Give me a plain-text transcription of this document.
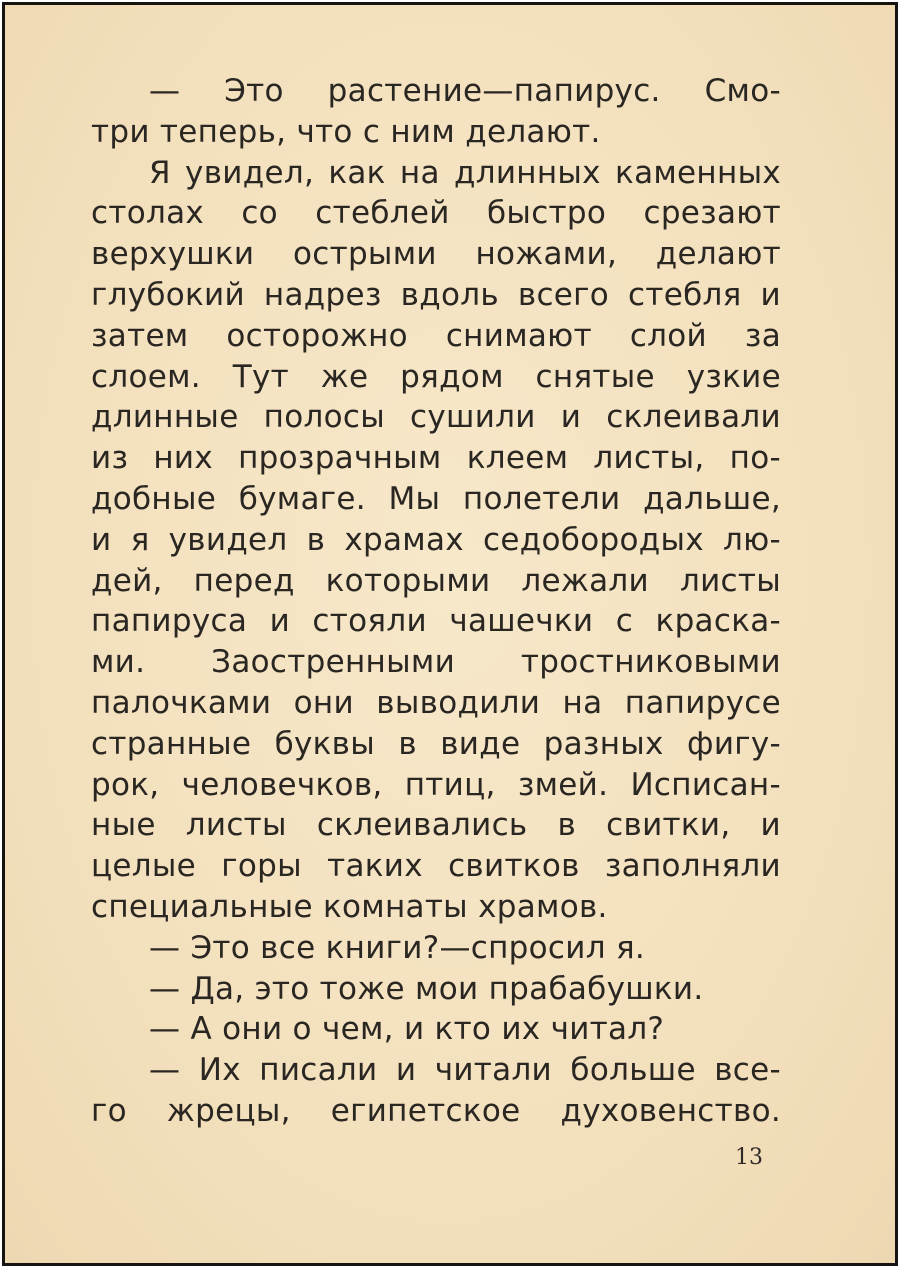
— Это растение—папирус. Смо-
три теперь, что с ним делают.
Я увидел, как на длинных каменных
столах со стеблей быстро срезают
верхушки острыми ножами, делают
глубокий надрез вдоль всего стебля и
затем осторожно снимают слой за
слоем. Тут же рядом снятые узкие
длинные полосы сушили и склеивали
из них прозрачным клеем листы, по-
добные бумаге. Мы полетели дальше,
и я увидел в храмах седобородых лю-
дей, перед которыми лежали листы
папируса и стояли чашечки с краска-
ми. Заостренными тростниковыми
палочками они выводили на папирусе
странные буквы в виде разных фигу-
рок, человечков, птиц, змей. Исписан-
ные листы склеивались в свитки, и
целые горы таких свитков заполняли
специальные комнаты храмов.
— Это все книги?—спросил я.
— Да, это тоже мои прабабушки.
— А они о чем, и кто их читал?
— Их писали и читали больше все-
го жрецы, египетское духовенство.
13
